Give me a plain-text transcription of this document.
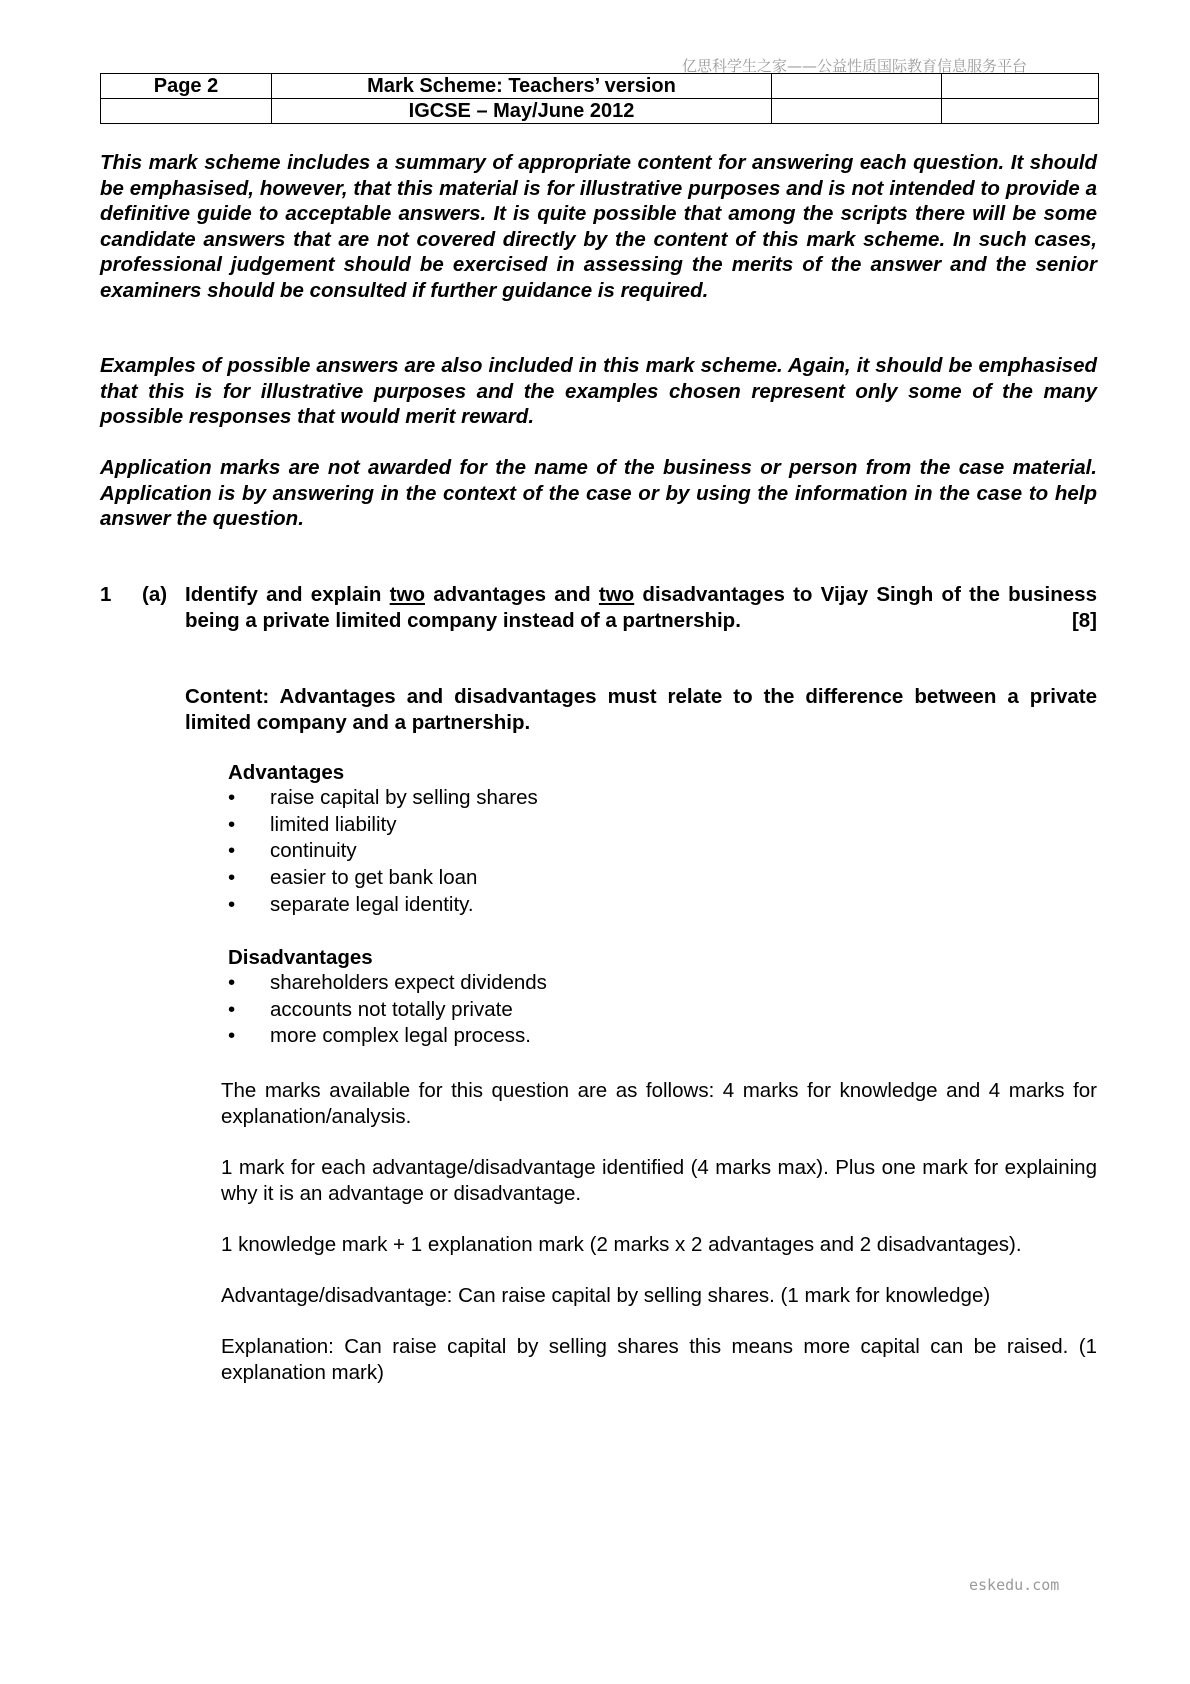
亿思科学生之家——公益性质国际教育信息服务平台
Page 2	Mark Scheme: Teachers’ version		
	IGCSE – May/June 2012		

This mark scheme includes a summary of appropriate content for answering each question. It should be emphasised, however, that this material is for illustrative purposes and is not intended to provide a definitive guide to acceptable answers. It is quite possible that among the scripts there will be some candidate answers that are not covered directly by the content of this mark scheme. In such cases, professional judgement should be exercised in assessing the merits of the answer and the senior examiners should be consulted if further guidance is required.

Examples of possible answers are also included in this mark scheme. Again, it should be emphasised that this is for illustrative purposes and the examples chosen represent only some of the many possible responses that would merit reward.

Application marks are not awarded for the name of the business or person from the case material. Application is by answering in the context of the case or by using the information in the case to help answer the question.

1 (a) Identify and explain two advantages and two disadvantages to Vijay Singh of the business being a private limited company instead of a partnership.	[8]
Content: Advantages and disadvantages must relate to the difference between a private limited company and a partnership.
Advantages
• raise capital by selling shares
• limited liability
• continuity
• easier to get bank loan
• separate legal identity.
Disadvantages
• shareholders expect dividends
• accounts not totally private
• more complex legal process.

The marks available for this question are as follows: 4 marks for knowledge and 4 marks for explanation/analysis.

1 mark for each advantage/disadvantage identified (4 marks max). Plus one mark for explaining why it is an advantage or disadvantage.

1 knowledge mark + 1 explanation mark (2 marks x 2 advantages and 2 disadvantages).

Advantage/disadvantage: Can raise capital by selling shares. (1 mark for knowledge)

Explanation: Can raise capital by selling shares this means more capital can be raised. (1 explanation mark)

eskedu.com
